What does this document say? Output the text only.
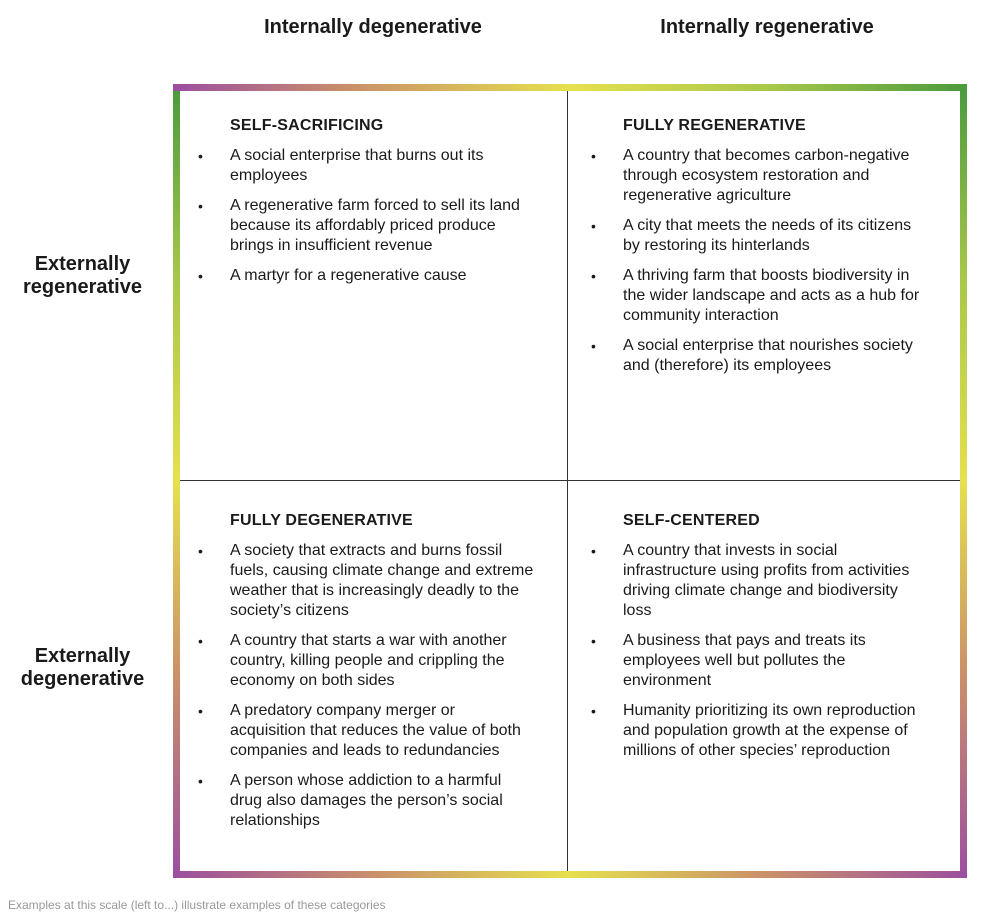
Internally degenerative	Internally regenerative
Externally regenerative
Externally degenerative
SELF-SACRIFICING
• A social enterprise that burns out its employees
• A regenerative farm forced to sell its land because its affordably priced produce brings in insufficient revenue
• A martyr for a regenerative cause
FULLY REGENERATIVE
• A country that becomes carbon-negative through ecosystem restoration and regenerative agriculture
• A city that meets the needs of its citizens by restoring its hinterlands
• A thriving farm that boosts biodiversity in the wider landscape and acts as a hub for community interaction
• A social enterprise that nourishes society and (therefore) its employees
FULLY DEGENERATIVE
• A society that extracts and burns fossil fuels, causing climate change and extreme weather that is increasingly deadly to the society’s citizens
• A country that starts a war with another country, killing people and crippling the economy on both sides
• A predatory company merger or acquisition that reduces the value of both companies and leads to redundancies
• A person whose addiction to a harmful drug also damages the person’s social relationships
SELF-CENTERED
• A country that invests in social infrastructure using profits from activities driving climate change and biodiversity loss
• A business that pays and treats its employees well but pollutes the environment
• Humanity prioritizing its own reproduction and population growth at the expense of millions of other species’ reproduction
Examples at this scale (left to...) illustrate examples of these categories
